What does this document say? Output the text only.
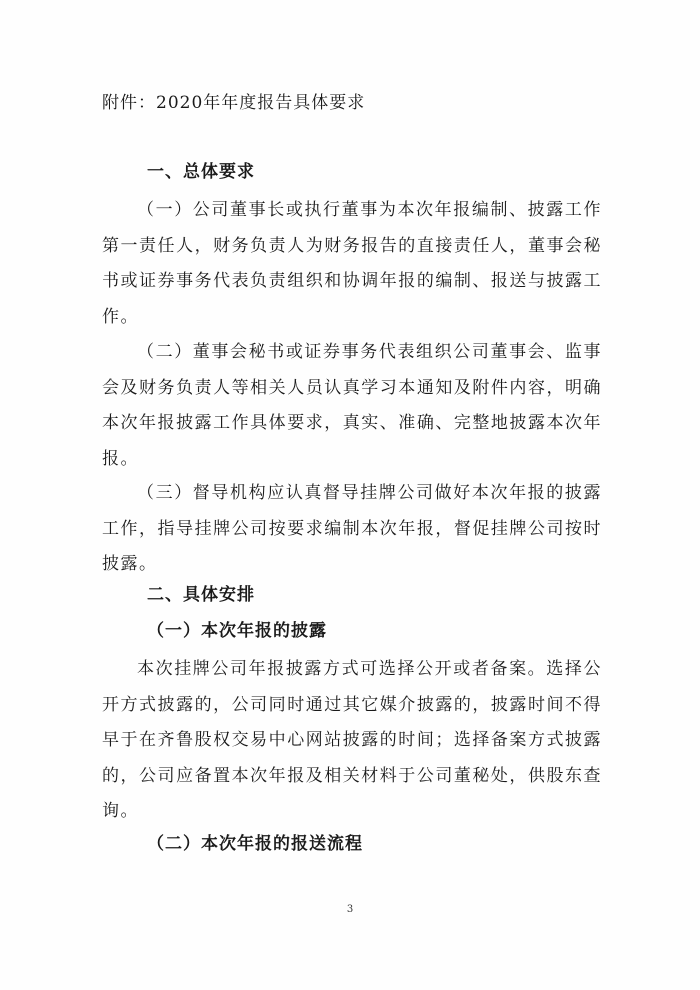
附件：2020年年度报告具体要求
一、总体要求
（一）公司董事长或执行董事为本次年报编制、披露工作第一责任人，财务负责人为财务报告的直接责任人，董事会秘书或证券事务代表负责组织和协调年报的编制、报送与披露工作。
（二）董事会秘书或证券事务代表组织公司董事会、监事会及财务负责人等相关人员认真学习本通知及附件内容，明确本次年报披露工作具体要求，真实、准确、完整地披露本次年报。
（三）督导机构应认真督导挂牌公司做好本次年报的披露工作，指导挂牌公司按要求编制本次年报，督促挂牌公司按时披露。
二、具体安排
（一）本次年报的披露
本次挂牌公司年报披露方式可选择公开或者备案。选择公开方式披露的，公司同时通过其它媒介披露的，披露时间不得早于在齐鲁股权交易中心网站披露的时间；选择备案方式披露的，公司应备置本次年报及相关材料于公司董秘处，供股东查询。
（二）本次年报的报送流程
3
